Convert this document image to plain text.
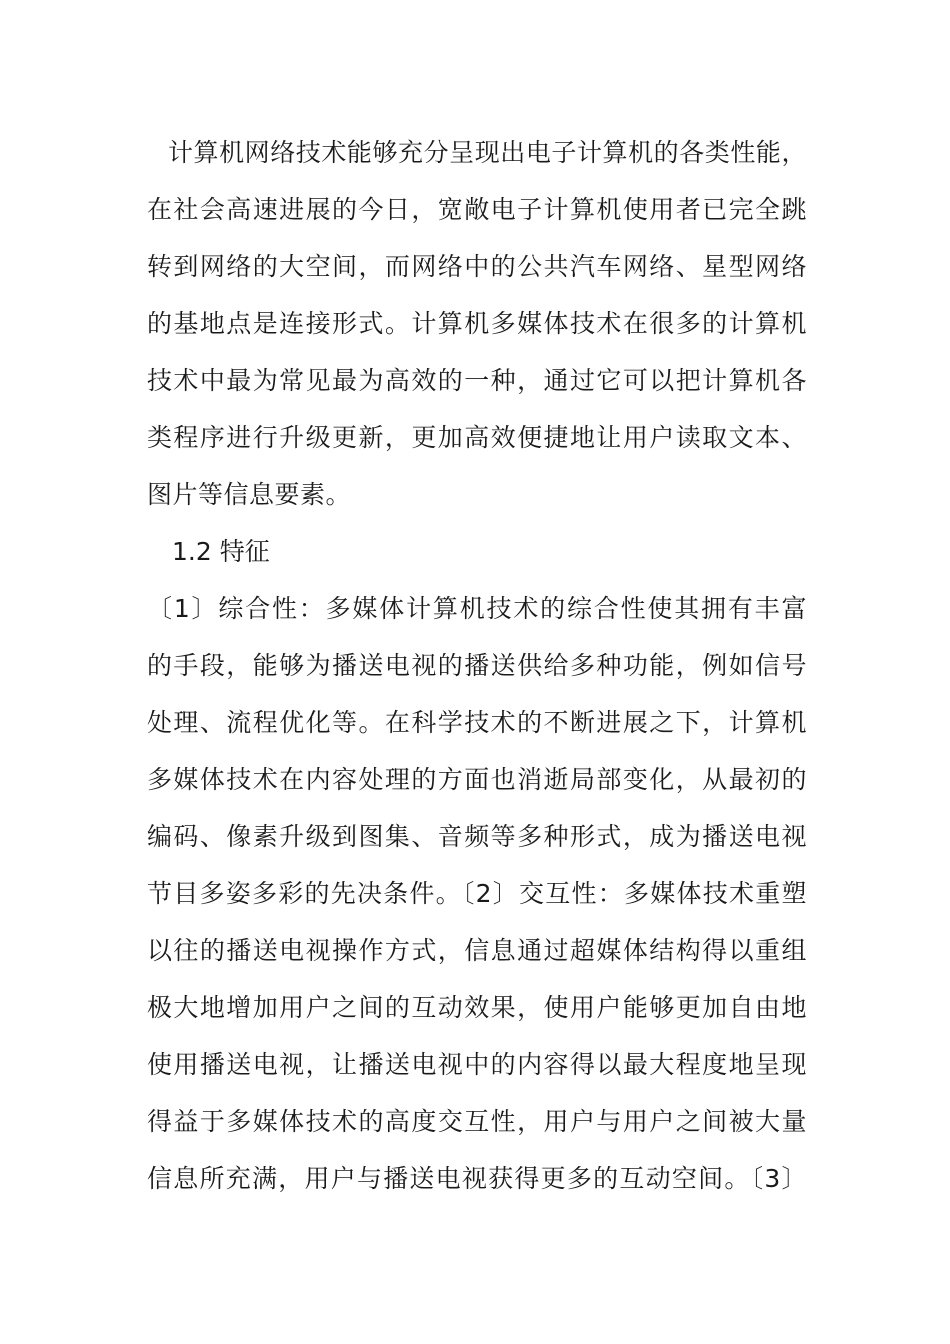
计算机网络技术能够充分呈现出电子计算机的各类性能，
在社会高速进展的今日，宽敞电子计算机使用者已完全跳
转到网络的大空间，而网络中的公共汽车网络、星型网络
的基地点是连接形式。计算机多媒体技术在很多的计算机
技术中最为常见最为高效的一种，通过它可以把计算机各
类程序进行升级更新，更加高效便捷地让用户读取文本、
图片等信息要素。
1.2 特征
〔1〕综合性：多媒体计算机技术的综合性使其拥有丰富
的手段，能够为播送电视的播送供给多种功能，例如信号
处理、流程优化等。在科学技术的不断进展之下，计算机
多媒体技术在内容处理的方面也消逝局部变化，从最初的
编码、像素升级到图集、音频等多种形式，成为播送电视
节目多姿多彩的先决条件。〔2〕交互性：多媒体技术重塑
以往的播送电视操作方式，信息通过超媒体结构得以重组
极大地增加用户之间的互动效果，使用户能够更加自由地
使用播送电视，让播送电视中的内容得以最大程度地呈现
得益于多媒体技术的高度交互性，用户与用户之间被大量
信息所充满，用户与播送电视获得更多的互动空间。〔3〕
